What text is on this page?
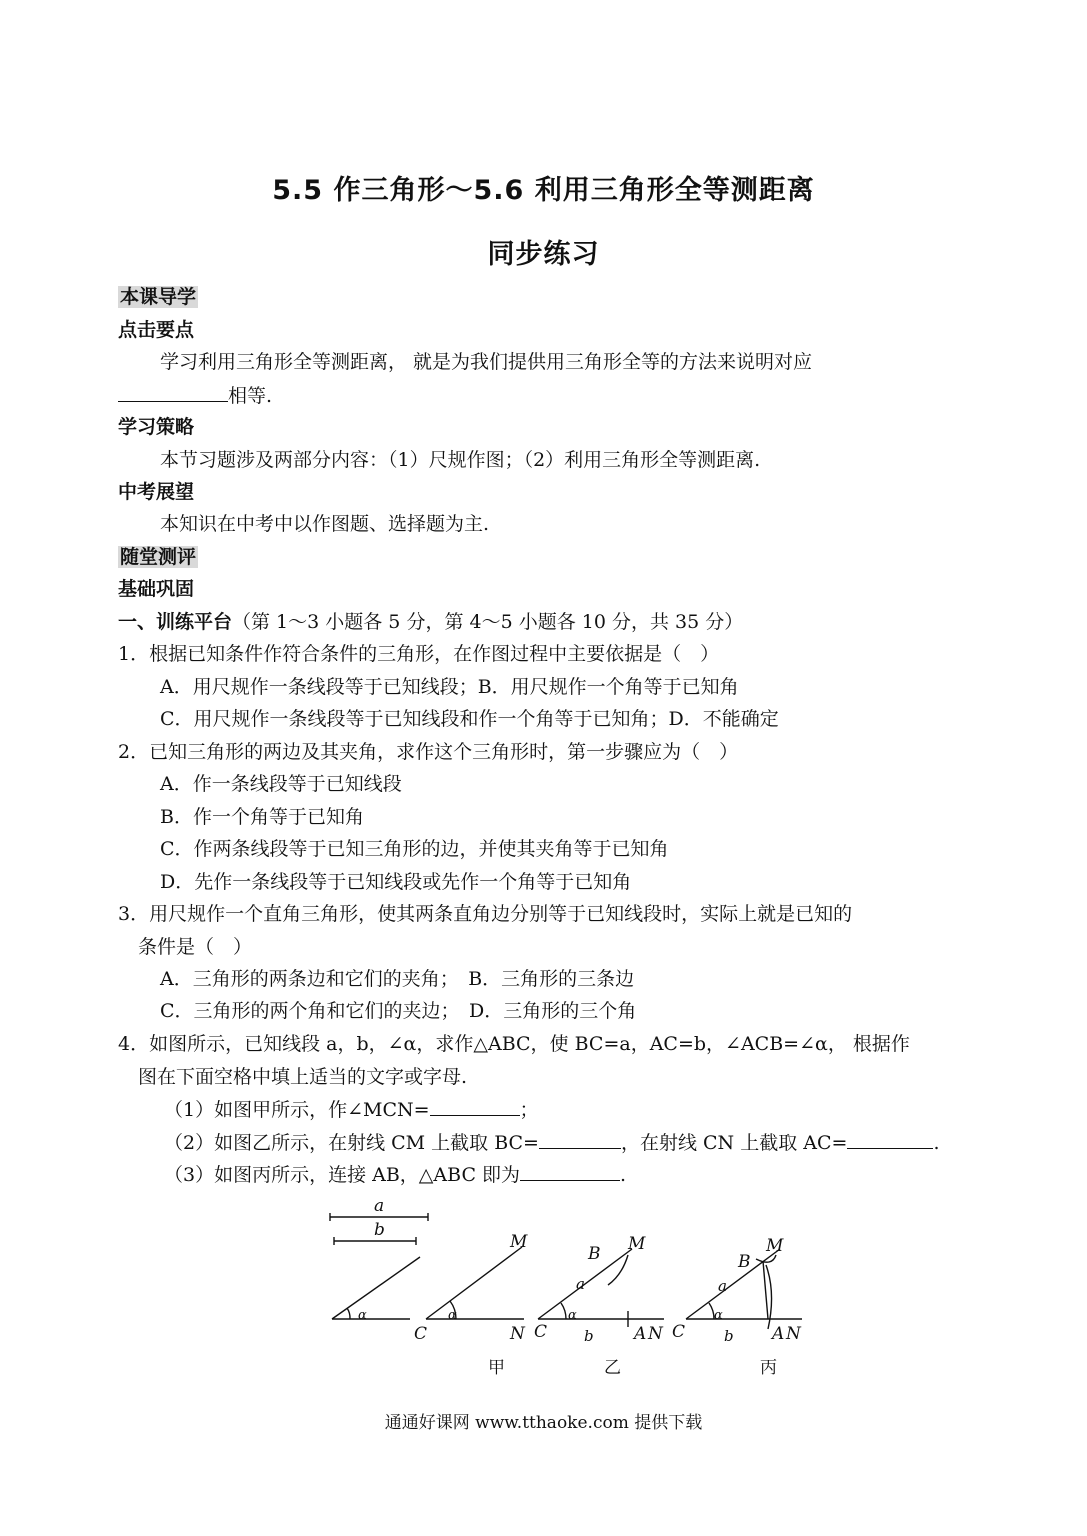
5.5 作三角形～5.6 利用三角形全等测距离
同步练习
本课导学
点击要点
学习利用三角形全等测距离， 就是为我们提供用三角形全等的方法来说明对应
相等.
学习策略
本节习题涉及两部分内容：（1）尺规作图；（2）利用三角形全等测距离.
中考展望
本知识在中考中以作图题、选择题为主.
随堂测评
基础巩固
一、训练平台（第 1～3 小题各 5 分，第 4～5 小题各 10 分，共 35 分）
1．根据已知条件作符合条件的三角形，在作图过程中主要依据是（　）
A．用尺规作一条线段等于已知线段；B．用尺规作一个角等于已知角
C．用尺规作一条线段等于已知线段和作一个角等于已知角；D．不能确定
2．已知三角形的两边及其夹角，求作这个三角形时，第一步骤应为（　）
A．作一条线段等于已知线段
B．作一个角等于已知角
C．作两条线段等于已知三角形的边，并使其夹角等于已知角
D．先作一条线段等于已知线段或先作一个角等于已知角
3．用尺规作一个直角三角形，使其两条直角边分别等于已知线段时，实际上就是已知的
条件是（　）
A．三角形的两条边和它们的夹角；　B．三角形的三条边
C．三角形的两个角和它们的夹边；　D．三角形的三个角
4．如图所示，已知线段 a，b，∠α，求作△ABC，使 BC=a，AC=b，∠ACB=∠α， 根据作
图在下面空格中填上适当的文字或字母.
（1）如图甲所示，作∠MCN=	；
（2）如图乙所示，在射线 CM 上截取 BC=	，在射线 CN 上截取 AC=	.
（3）如图丙所示，连接 AB，△ABC 即为	.
a
b
α
M
N
C
α
B M
a
C
α
b A N
B
M
a
C
α
b A N
甲	乙	丙
通通好课网 www.tthaoke.com 提供下载
